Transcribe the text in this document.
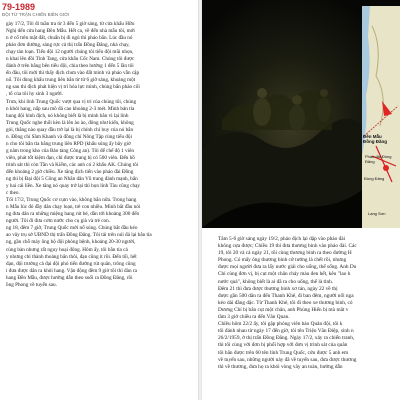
79-1989
ĐỘI TỪ TRẬN CHIẾN BIÊN GIỚI

gày 17/2, Tôi đi tuần tra từ 3 đến 5 giờ sáng, từ cửa khẩu Hữu

Nghị đến cửa hang Đền Mẫu. Hết ca, về đến nhà mẫu tôi, mới

n ở cổ trên mặt đất, chuẩn bị đi ngủ thì pháo bắn. Lúc đầu nó

pháo đơn đường, sáng rực cả thị trấn Đồng Đăng, nhà chạy,

chạy tán loạn. Tiểu đội 12 người chúng tôi tiểu đội mũi nhọn,

n khai lên đồi Tỉnh Tang, cửa khẩu Cốc Nam. Chúng tôi được

đánh ở trên bằng bên tiểu đội, chia theo hướng 1 đến 5 lần tôi

ến đâu, tôi mới thì thấy địch chưa vào đất mình và pháo vẫn cập

nổ. Tôi dùng khẩu trung liên bắn từ từ 6 giờ sáng, khoảng một

ng sau thì địch phát hiện vị trí hỏa lực mình, chúng bắn pháo cối

, tổ của tôi hy sinh 3 người.

Trưa, khi lính Trung Quốc vượt qua vị trí của chúng tôi, chúng

n khỏi hang, nấp sau mô đá cao khoảng 2-3 mét. Mình bản tỉa

hung đội hình địch, nó không biết là bị mình bắn vì lại lính

Trung Quốc nghe thổi kèn là lên ào ào, đông như kiến, không

gỏi, thằng nào quay đầu trở lại là bị chính chỉ huy của nó bắn

n. Đồng chí Sầm Khanh và đồng chí Nông Tập cùng tiểu đội

n cho tôi bắn tỉa bằng trung liên RPD (khẩu súng ấy bây giờ

g năm trong kho của Bảo tàng Công an). Tôi để chế độ 1 viên

viên, phát tốt kiệm đạn, chỉ được trang bị có 500 viên. Đến hồ

trinh sát thì còn Tần và Kiếm, các anh có 2 khẩu AK. Chúng tôi

đến khoảng 2 giờ chiều. Xe tăng địch tiến vào pháo đài Đồng

ng thì bị Đại đội 5 Công an Nhân dân Vũ trang đánh mạnh, bắn

y hai cái liền. Xe tăng nó quay trở lại thì bọn lính Tàu cũng chạy

c theo.

Tối 17/2, Trung Quốc cơ cụm vào, không bắn nữa. Trong hang

n Mẫu lúc đó đầy dân chạy loạn, trẻ con nhiều. Mình bắt đầu nói

ng đưa dân ra những miệng hang rút bé, dần tới khoảng 300 đến

người. Tôi đi đưa cơm nước cho cụ già và trẻ con.

ng 18, đêm 7 giờ, Trung Quốc mới nổ súng. Chúng bắt đầu kéo

ao vây trụ sở UBND thị trấn Đồng Đăng. Tôi tải trên núi đá lại bắn tỉa

ng, gần chỗ máy ông bộ đội phòng bệnh, khoảng 20-30 người,

cùng bàn nhưng rất nguy hoại đông. Hôm ấy, tôi bắn tỉa cả

y nhưng chỉ thành thoảng bắn thôi, đạn cũng ít rồi. Đến tối, hết

đạn, đội trưởng cả đại đội phó tiến đường rút quân, trông cũng

i đưa được dân ra khỏi hang. Vận động đêm 9 giờ tôi thì đàn ra

hang Đền Mẫu, được hướng dẫn theo suối ra Đồng Đăng, rồi

ồng Phong về tuyến sau.

Đền Mẫu Đồng Đăng
Pháo đài Đồng Đăng
Đồng Đăng
Lạng Sơn

Tâm 5-6 giờ sáng ngày 19/2, pháo địch lại dập vào pháo đài

không cựa được; Chiều 19 thì đưa thương binh vào pháo đài. Các

19, tôi 20 và cả ngày 21, tôi cùng thương binh ra theo đường H

Phong. Có mấy ông thương binh cứ tưởng là chết rồi, nhưng

được mọi người đưa ra lấy nước giải cho uống, thế sống. Anh Du

Chí cùng đơn vị, bị cụt một chân chảy máu đen hết, kêu "lao h

nước quá", không biết là ai đã ra cho uống, thế là tỉnh.

Đêm 21 thì đưa được thương binh xơ tán, ngày 22 về thị

được gần 500 dân ra đến Thanh Khê, đi ban đêm, người nối nga

kéo dài đằng dặc. Từ Thanh Khê, tôi đi theo xe thương binh, có

Dương Chí bị bắn cụt một chân, anh Phùng Hiến bị mù mắt v

tầm 3 giờ chiều ra đến Vân Quan.

Chiều hôm 22/2 ấy, tôi gặp phóng viên báo Quân đội, tôi k

tôi đánh nhau từ ngày 17 đến giờ, tôi tên Triệu Văn Điệp, sinh n

26/2/1959, ở thị trấn Đồng Đăng. Ngày 17/2, xảy ra chiến tranh,

thì tôi cùng với đơn bị phối hợp với đơn vị trinh sát của quân

tôi bắn được trên 60 tên lính Trung Quốc, cứu được 5 anh em

về tuyến sau, những người này đã về tuyến sau, đưa được thương

thì về thương, đưa họ ra khỏi vòng vây an toàn, hướng dẫn
